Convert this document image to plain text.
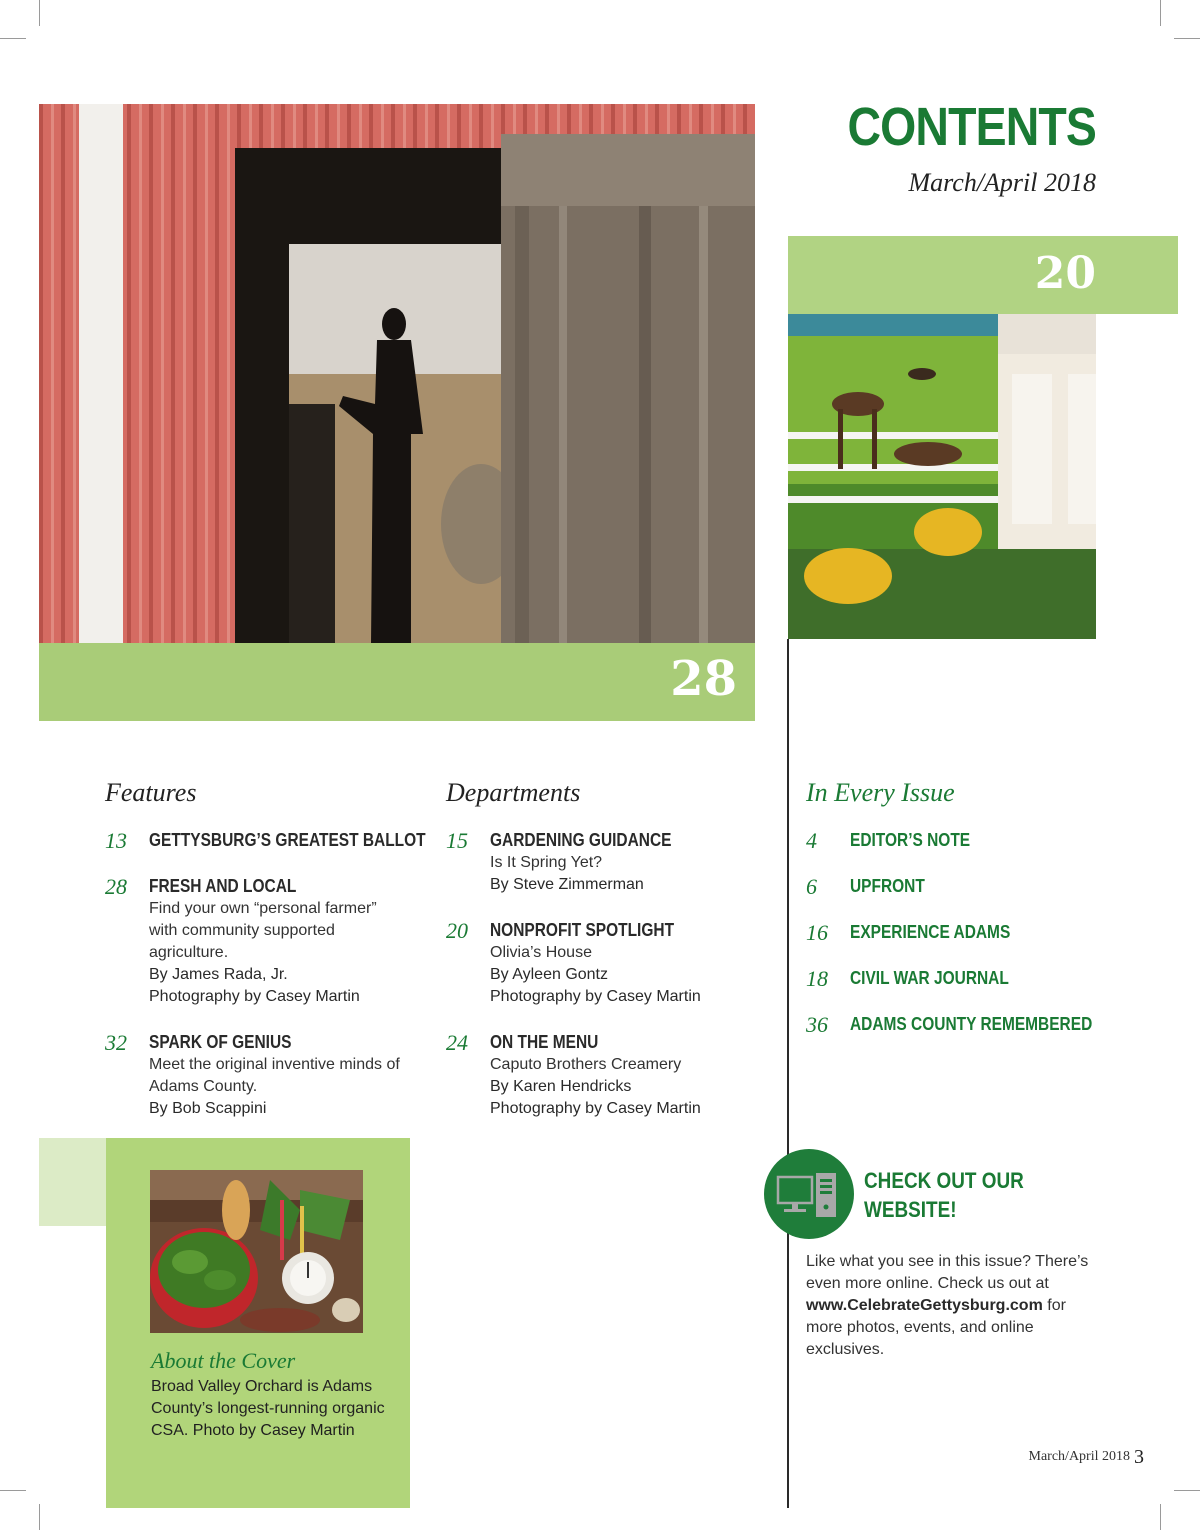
CONTENTS
March/April 2018
28
20
Features
13 GETTYSBURG’S GREATEST BALLOT
28 FRESH AND LOCAL
Find your own “personal farmer”
with community supported
agriculture.
By James Rada, Jr.
Photography by Casey Martin
32 SPARK OF GENIUS
Meet the original inventive minds of
Adams County.
By Bob Scappini
Departments
15 GARDENING GUIDANCE
Is It Spring Yet?
By Steve Zimmerman
20 NONPROFIT SPOTLIGHT
Olivia’s House
By Ayleen Gontz
Photography by Casey Martin
24 ON THE MENU
Caputo Brothers Creamery
By Karen Hendricks
Photography by Casey Martin
In Every Issue
4 EDITOR’S NOTE
6 UPFRONT
16 EXPERIENCE ADAMS
18 CIVIL WAR JOURNAL
36 ADAMS COUNTY REMEMBERED
About the Cover
Broad Valley Orchard is Adams County’s longest-running organic CSA. Photo by Casey Martin
CHECK OUT OUR
WEBSITE!
Like what you see in this issue? There’s even more online. Check us out at www.CelebrateGettysburg.com for more photos, events, and online exclusives.
March/April 2018 3
